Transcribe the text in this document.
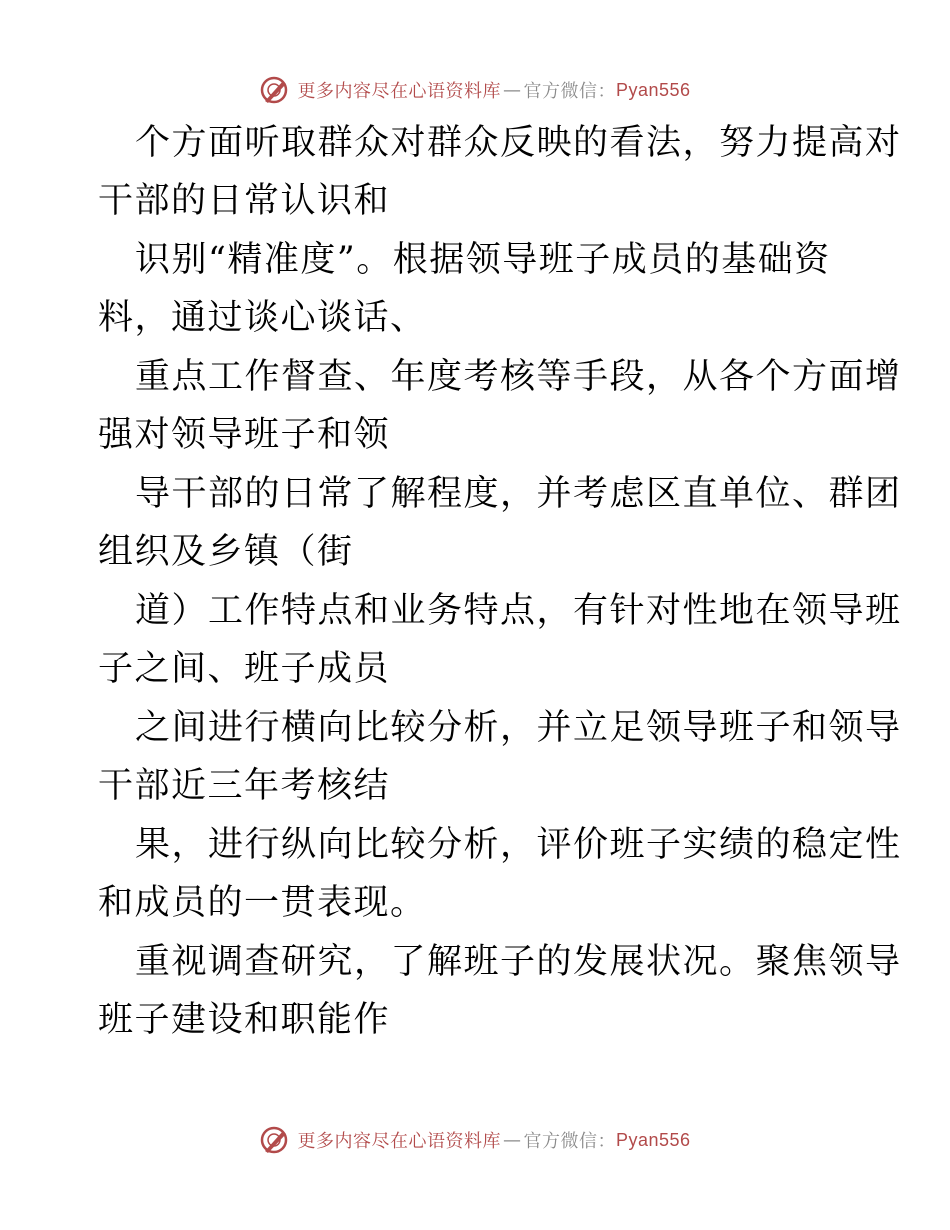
更多内容尽在心语资料库 — 官方微信： Pyan556
个方面听取群众对群众反映的看法，努力提高对
干部的日常认识和
识别“精准度”。根据领导班子成员的基础资
料，通过谈心谈话、
重点工作督查、年度考核等手段，从各个方面增
强对领导班子和领
导干部的日常了解程度，并考虑区直单位、群团
组织及乡镇（街
道）工作特点和业务特点，有针对性地在领导班
子之间、班子成员
之间进行横向比较分析，并立足领导班子和领导
干部近三年考核结
果，进行纵向比较分析，评价班子实绩的稳定性
和成员的一贯表现。
重视调查研究，了解班子的发展状况。聚焦领导
班子建设和职能作
更多内容尽在心语资料库 — 官方微信： Pyan556
